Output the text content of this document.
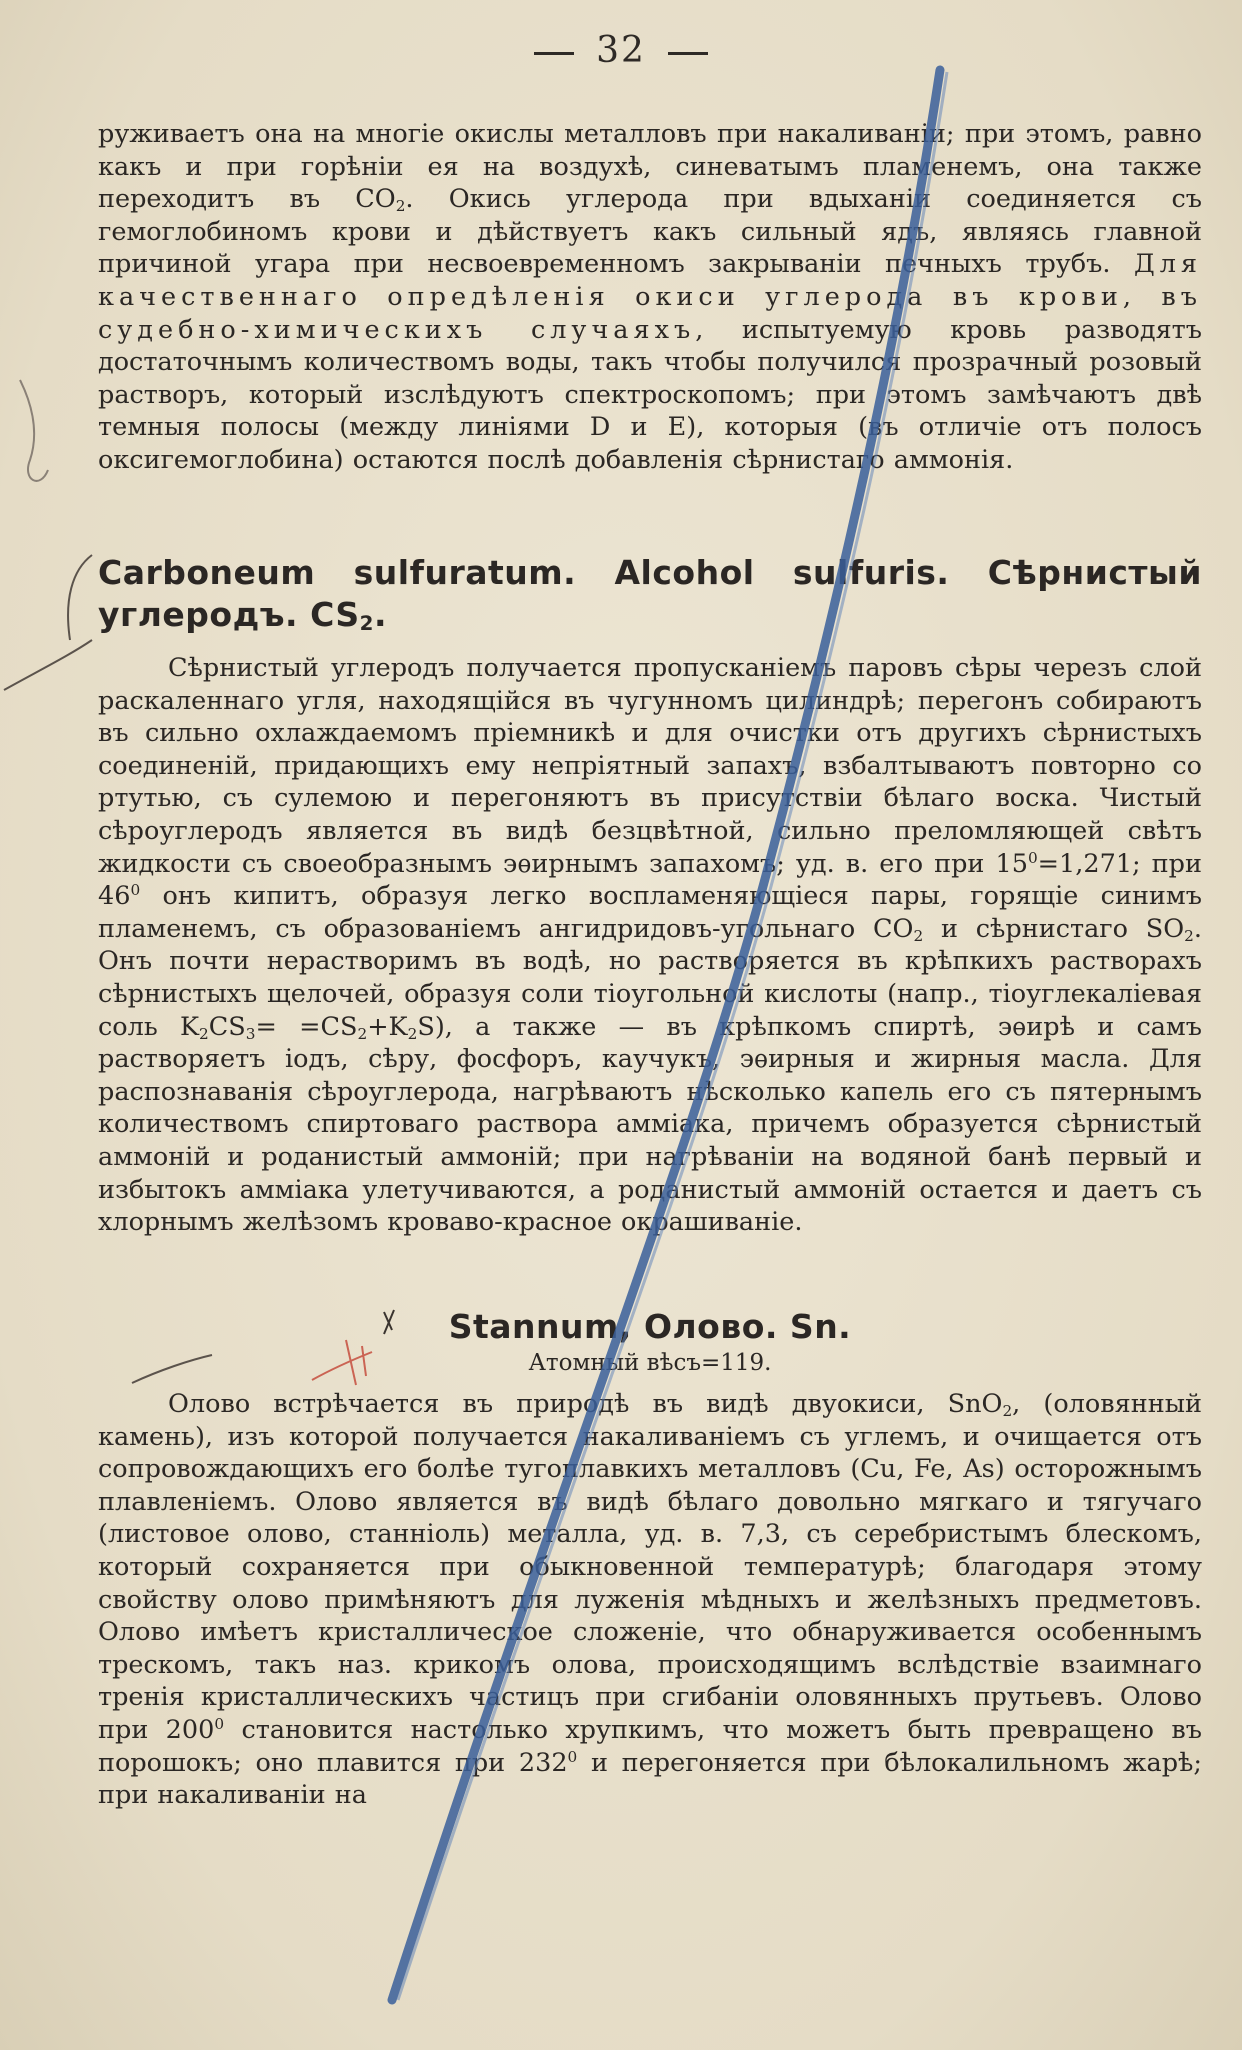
32

руживаетъ она на многіе окислы металловъ при накаливаніи; при этомъ, равно какъ и при горѣніи ея на воздухѣ, синеватымъ пламенемъ, она также переходитъ въ $CO_2$. Окись углерода при вдыханіи соединяется съ гемоглобиномъ крови и дѣйствуетъ какъ сильный ядъ, являясь главной причиной угара при несвоевременномъ закрываніи печныхъ трубъ. Для качественнаго опредѣленія окиси углерода въ крови, въ судебно-химическихъ случаяхъ, испытуемую кровь разводятъ достаточнымъ количествомъ воды, такъ чтобы получился прозрачный розовый растворъ, который изслѣдуютъ спектроскопомъ; при этомъ замѣчаютъ двѣ темныя полосы (между линіями D и E), которыя (въ отличіе отъ полосъ оксигемоглобина) остаются послѣ добавленія сѣрнистаго аммонія.

Carboneum sulfuratum. Alcohol sulfuris. Сѣрнистый углеродъ. $CS_2$.

Сѣрнистый углеродъ получается пропусканіемъ паровъ сѣры черезъ слой раскаленнаго угля, находящійся въ чугунномъ цилиндрѣ; перегонъ собираютъ въ сильно охлаждаемомъ пріемникѣ и для очистки отъ другихъ сѣрнистыхъ соединеній, придающихъ ему непріятный запахъ, взбалтываютъ повторно со ртутью, съ сулемою и перегоняютъ въ присутствіи бѣлаго воска. Чистый сѣроуглеродъ является въ видѣ безцвѣтной, сильно преломляющей свѣтъ жидкости съ своеобразнымъ эѳирнымъ запахомъ; уд. в. его при $15^0=1,271$; при $46^0$ онъ кипитъ, образуя легко воспламеняющіеся пары, горящіе синимъ пламенемъ, съ образованіемъ ангидридовъ-угольнаго $CO_2$ и сѣрнистаго $SO_2$. Онъ почти нерастворимъ въ водѣ, но растворяется въ крѣпкихъ растворахъ сѣрнистыхъ щелочей, образуя соли тіоугольной кислоты (напр., тіоуглекаліевая соль $K_2CS_3= =CS_2+K_2S$), а также — въ крѣпкомъ спиртѣ, эѳирѣ и самъ растворяетъ іодъ, сѣру, фосфоръ, каучукъ, эѳирныя и жирныя масла. Для распознаванія сѣроуглерода, нагрѣваютъ нѣсколько капель его съ пятернымъ количествомъ спиртоваго раствора аммiака, причемъ образуется сѣрнистый аммоній и роданистый аммоній; при нагрѣваніи на водяной банѣ первый и избытокъ аммiака улетучиваются, а роданистый аммоній остается и даетъ съ хлорнымъ желѣзомъ кроваво-красное окрашиваніе.

Stannum, Олово. Sn.
Атомный вѣсъ=119.

Олово встрѣчается въ природѣ въ видѣ двуокиси, SnO$_2$, (оловянный камень), изъ которой получается накаливаніемъ съ углемъ, и очищается отъ сопровождающихъ его болѣе тугоплавкихъ металловъ (Cu, Fe, As) осторожнымъ плавленіемъ. Олово является въ видѣ бѣлаго довольно мягкаго и тягучаго (листовое олово, станніоль) металла, уд. в. 7,3, съ серебристымъ блескомъ, который сохраняется при обыкновенной температурѣ; благодаря этому свойству олово примѣняютъ для луженія мѣдныхъ и желѣзныхъ предметовъ. Олово имѣетъ кристаллическое сложеніе, что обнаруживается особеннымъ трескомъ, такъ наз. крикомъ олова, происходящимъ вслѣдствіе взаимнаго тренія кристаллическихъ частицъ при сгибаніи оловянныхъ прутьевъ. Олово при $200^0$ становится настолько хрупкимъ, что можетъ быть превращено въ порошокъ; оно плавится при $232^0$ и перегоняется при бѣлокалильномъ жарѣ; при накаливаніи на
